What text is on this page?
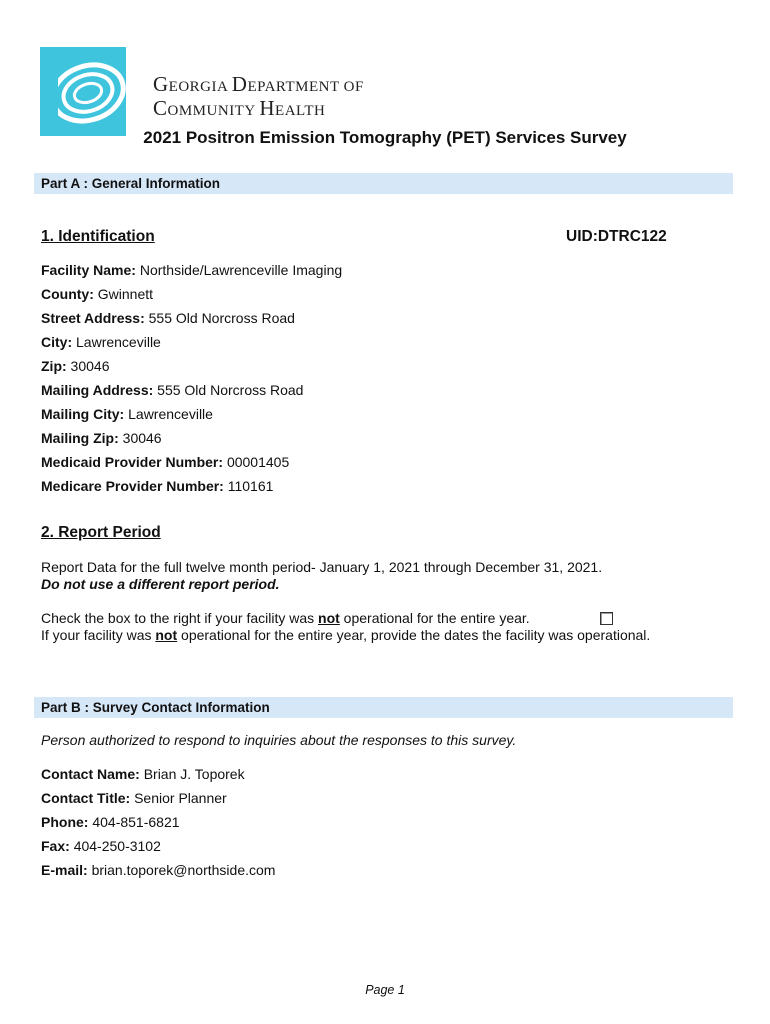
GEORGIA DEPARTMENT OF
COMMUNITY HEALTH
2021 Positron Emission Tomography (PET) Services Survey
Part A : General Information
1. Identification	UID:DTRC122
Facility Name: Northside/Lawrenceville Imaging
County: Gwinnett
Street Address: 555 Old Norcross Road
City: Lawrenceville
Zip: 30046
Mailing Address: 555 Old Norcross Road
Mailing City: Lawrenceville
Mailing Zip: 30046
Medicaid Provider Number: 00001405
Medicare Provider Number: 110161
2. Report Period
Report Data for the full twelve month period- January 1, 2021 through December 31, 2021.
Do not use a different report period.
Check the box to the right if your facility was not operational for the entire year.
If your facility was not operational for the entire year, provide the dates the facility was operational.
Part B : Survey Contact Information
Person authorized to respond to inquiries about the responses to this survey.
Contact Name: Brian J. Toporek
Contact Title: Senior Planner
Phone: 404-851-6821
Fax: 404-250-3102
E-mail: brian.toporek@northside.com
Page 1
